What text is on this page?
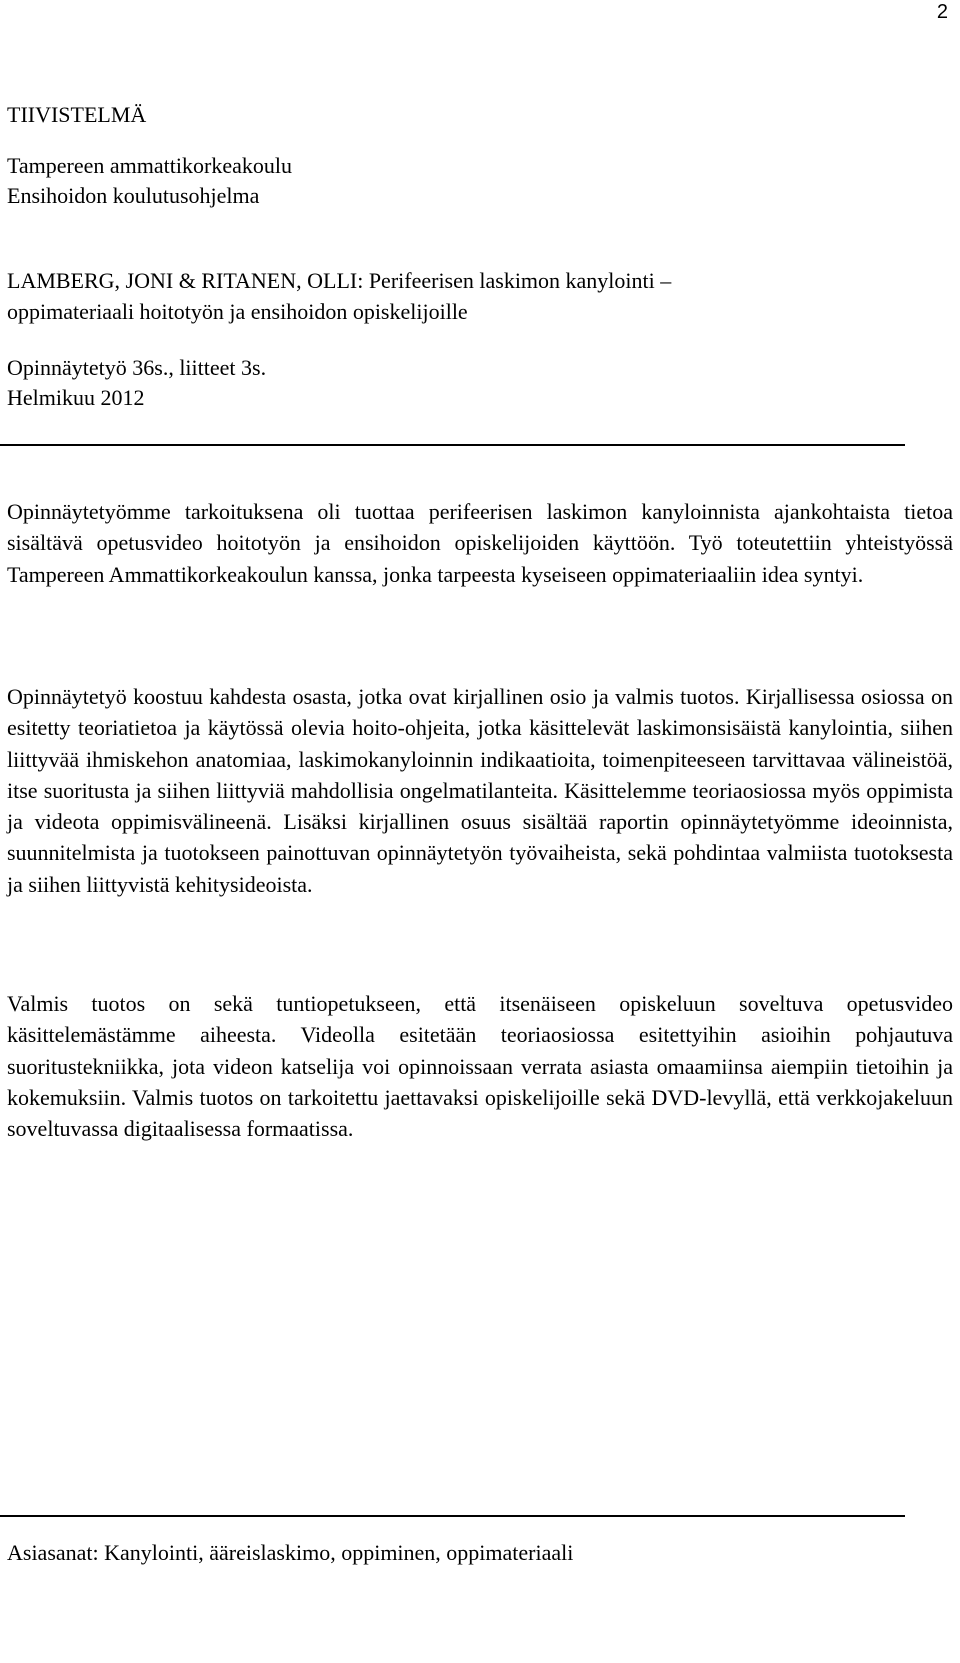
2
TIIVISTELMÄ
Tampereen ammattikorkeakoulu
Ensihoidon koulutusohjelma
LAMBERG, JONI & RITANEN, OLLI: Perifeerisen laskimon kanylointi –
oppimateriaali hoitotyön ja ensihoidon opiskelijoille
Opinnäytetyö 36s., liitteet 3s.
Helmikuu 2012

Opinnäytetyömme tarkoituksena oli tuottaa perifeerisen laskimon kanyloinnista ajankohtaista tietoa sisältävä opetusvideo hoitotyön ja ensihoidon opiskelijoiden käyttöön. Työ toteutettiin yhteistyössä Tampereen Ammattikorkeakoulun kanssa, jonka tarpeesta kyseiseen oppimateriaaliin idea syntyi.

Opinnäytetyö koostuu kahdesta osasta, jotka ovat kirjallinen osio ja valmis tuotos. Kirjallisessa osiossa on esitetty teoriatietoa ja käytössä olevia hoito-ohjeita, jotka käsittelevät laskimonsisäistä kanylointia, siihen liittyvää ihmiskehon anatomiaa, laskimokanyloinnin indikaatioita, toimenpiteeseen tarvittavaa välineistöä, itse suoritusta ja siihen liittyviä mahdollisia ongelmatilanteita. Käsittelemme teoriaosiossa myös oppimista ja videota oppimisvälineenä. Lisäksi kirjallinen osuus sisältää raportin opinnäytetyömme ideoinnista, suunnitelmista ja tuotokseen painottuvan opinnäytetyön työvaiheista, sekä pohdintaa valmiista tuotoksesta ja siihen liittyvistä kehitysideoista.

Valmis tuotos on sekä tuntiopetukseen, että itsenäiseen opiskeluun soveltuva opetusvideo käsittelemästämme aiheesta. Videolla esitetään teoriaosiossa esitettyihin asioihin pohjautuva suoritustekniikka, jota videon katselija voi opinnoissaan verrata asiasta omaamiinsa aiempiin tietoihin ja kokemuksiin. Valmis tuotos on tarkoitettu jaettavaksi opiskelijoille sekä DVD-levyllä, että verkkojakeluun soveltuvassa digitaalisessa formaatissa.

Asiasanat: Kanylointi, ääreislaskimo, oppiminen, oppimateriaali
